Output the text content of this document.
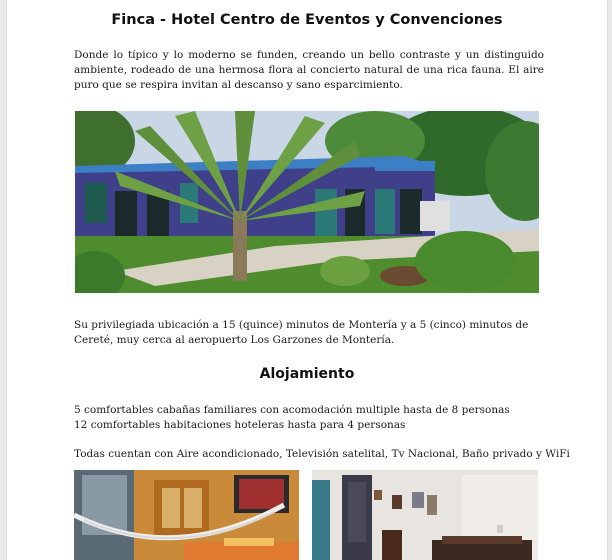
Finca - Hotel Centro de Eventos y Convenciones
Donde lo típico y lo moderno se funden, creando un bello contraste y un distinguido ambiente, rodeado de una hermosa flora al concierto natural de una rica fauna. El aire puro que se respira invitan al descanso y sano esparcimiento.
Su privilegiada ubicación a 15 (quince) minutos de Montería y a 5 (cinco) minutos de Cereté, muy cerca al aeropuerto Los Garzones de Montería.
Alojamiento
5 comfortables cabañas familiares con acomodación multiple hasta de 8 personas
12 comfortables habitaciones hoteleras hasta para 4 personas
Todas cuentan con Aire acondicionado, Televisión satelital, Tv Nacional, Baño privado y WiFi
